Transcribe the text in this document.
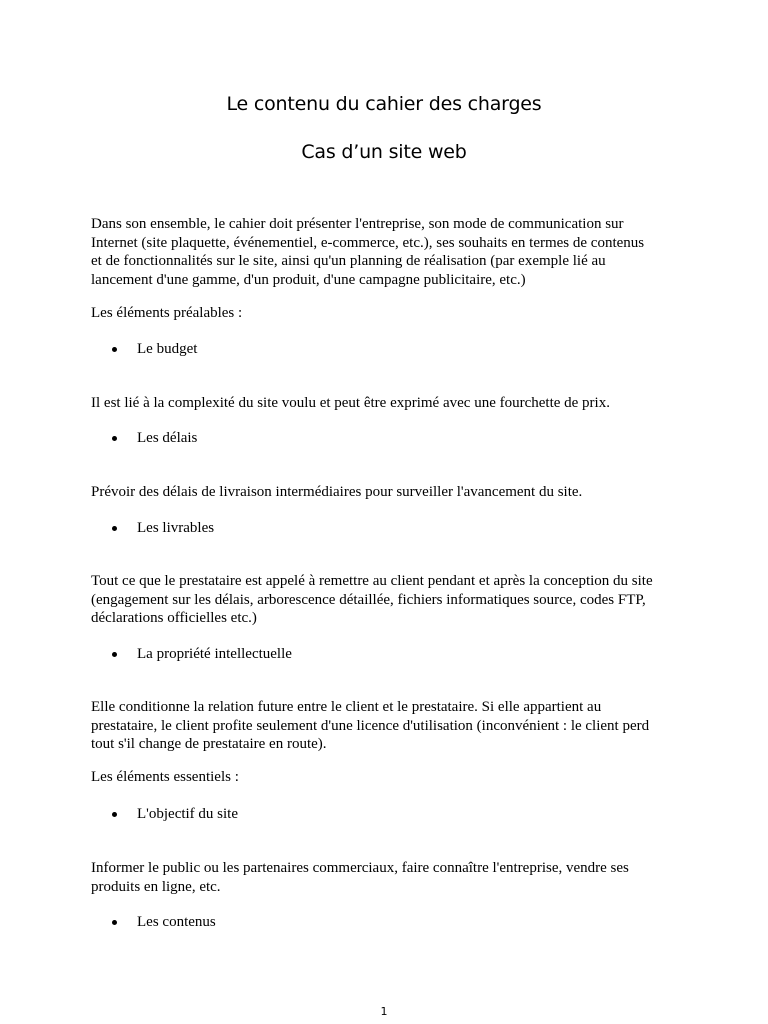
Le contenu du cahier des charges
Cas d’un site web
Dans son ensemble, le cahier doit présenter l'entreprise, son mode de communication sur
Internet (site plaquette, événementiel, e-commerce, etc.), ses souhaits en termes de contenus
et de fonctionnalités sur le site, ainsi qu'un planning de réalisation (par exemple lié au
lancement d'une gamme, d'un produit, d'une campagne publicitaire, etc.)
Les éléments préalables :
Le budget
Il est lié à la complexité du site voulu et peut être exprimé avec une fourchette de prix.
Les délais
Prévoir des délais de livraison intermédiaires pour surveiller l'avancement du site.
Les livrables
Tout ce que le prestataire est appelé à remettre au client pendant et après la conception du site
(engagement sur les délais, arborescence détaillée, fichiers informatiques source, codes FTP,
déclarations officielles etc.)
La propriété intellectuelle
Elle conditionne la relation future entre le client et le prestataire. Si elle appartient au
prestataire, le client profite seulement d'une licence d'utilisation (inconvénient : le client perd
tout s'il change de prestataire en route).
Les éléments essentiels :
L'objectif du site
Informer le public ou les partenaires commerciaux, faire connaître l'entreprise, vendre ses
produits en ligne, etc.
Les contenus
1
